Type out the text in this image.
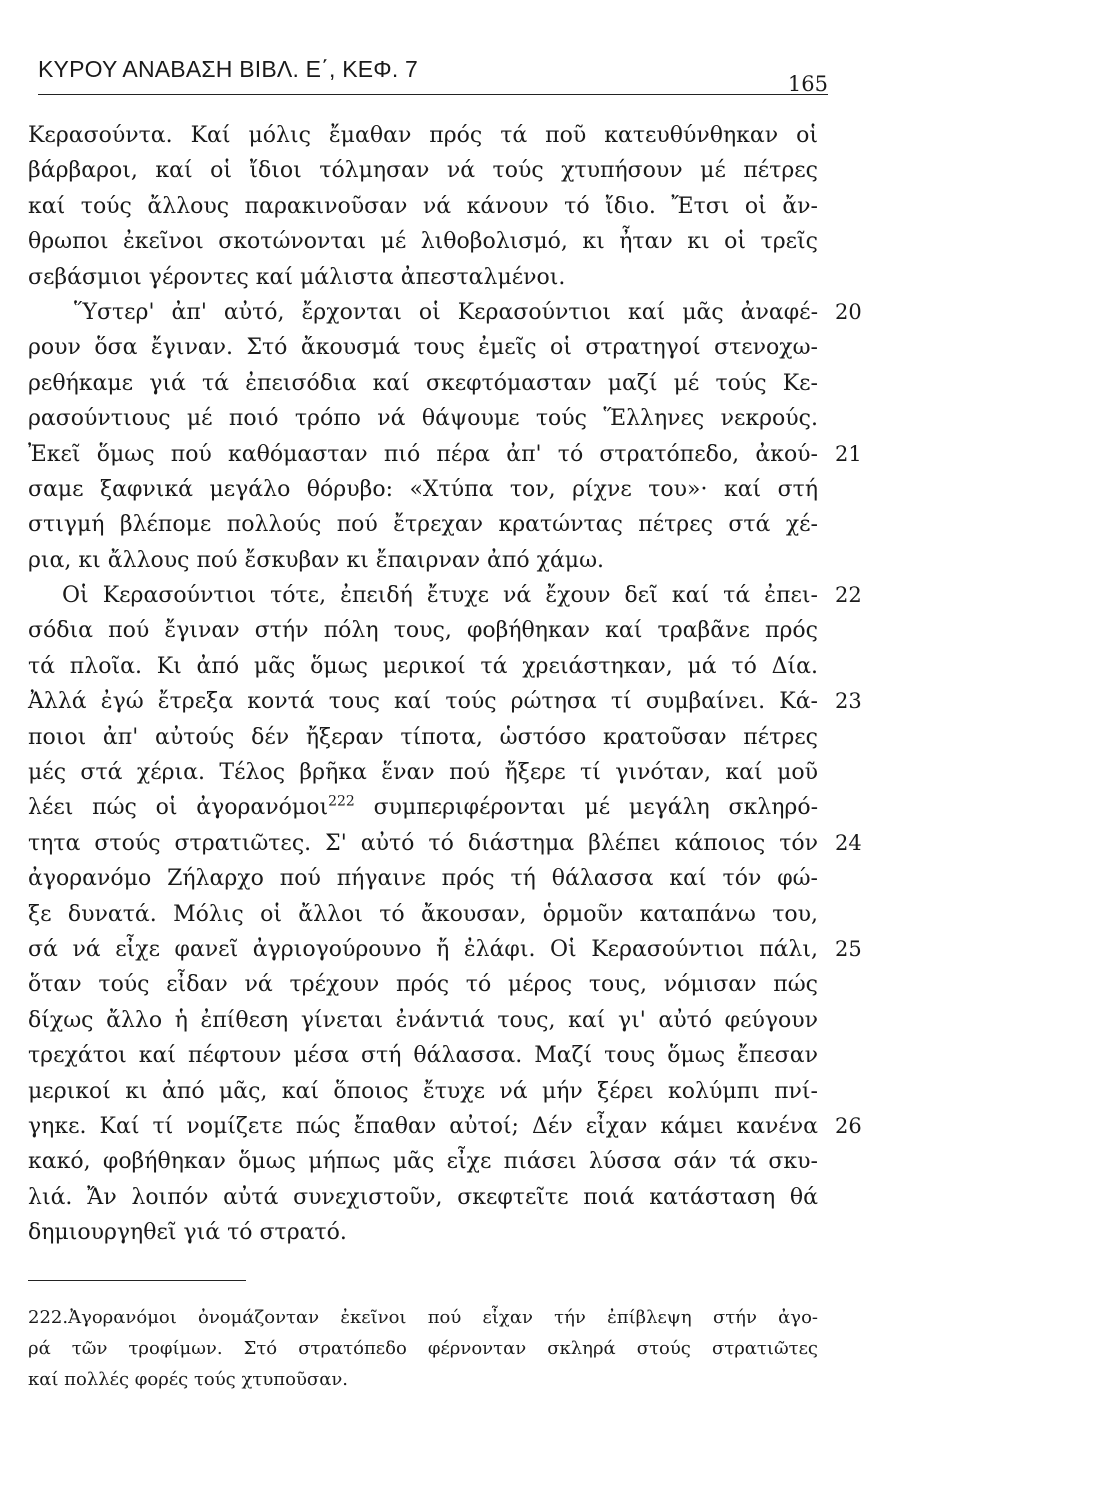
ΚΥΡΟΥ ΑΝΑΒΑΣΗ ΒΙΒΛ. Ε΄, ΚΕΦ. 7
165
Κερασούντα. Καί μόλις ἔμαθαν πρός τά ποῦ κατευθύνθηκαν οἱ
βάρβαροι, καί οἱ ἴδιοι τόλμησαν νά τούς χτυπήσουν μέ πέτρες
καί τούς ἄλλους παρακινοῦσαν νά κάνουν τό ἴδιο. Ἔτσι οἱ ἄν-
θρωποι ἐκεῖνοι σκοτώνονται μέ λιθοβολισμό, κι ἦταν κι οἱ τρεῖς
σεβάσμιοι γέροντες καί μάλιστα ἀπεσταλμένοι.
Ὕστερ' ἀπ' αὐτό, ἔρχονται οἱ Κερασούντιοι καί μᾶς ἀναφέ- 20
ρουν ὅσα ἔγιναν. Στό ἄκουσμά τους ἐμεῖς οἱ στρατηγοί στενοχω-
ρεθήκαμε γιά τά ἐπεισόδια καί σκεφτόμασταν μαζί μέ τούς Κε-
ρασούντιους μέ ποιό τρόπο νά θάψουμε τούς Ἕλληνες νεκρούς.
Ἐκεῖ ὅμως πού καθόμασταν πιό πέρα ἀπ' τό στρατόπεδο, ἀκού- 21
σαμε ξαφνικά μεγάλο θόρυβο: «Χτύπα τον, ρίχνε του»· καί στή
στιγμή βλέπομε πολλούς πού ἔτρεχαν κρατώντας πέτρες στά χέ-
ρια, κι ἄλλους πού ἔσκυβαν κι ἔπαιρναν ἀπό χάμω.
Οἱ Κερασούντιοι τότε, ἐπειδή ἔτυχε νά ἔχουν δεῖ καί τά ἐπει- 22
σόδια πού ἔγιναν στήν πόλη τους, φοβήθηκαν καί τραβᾶνε πρός
τά πλοῖα. Κι ἀπό μᾶς ὅμως μερικοί τά χρειάστηκαν, μά τό Δία.
Ἀλλά ἐγώ ἔτρεξα κοντά τους καί τούς ρώτησα τί συμβαίνει. Κά- 23
ποιοι ἀπ' αὐτούς δέν ἤξεραν τίποτα, ὡστόσο κρατοῦσαν πέτρες
μές στά χέρια. Τέλος βρῆκα ἕναν πού ἤξερε τί γινόταν, καί μοῦ
λέει πώς οἱ ἀγορανόμοι$^{222}$ συμπεριφέρονται μέ μεγάλη σκληρό-
τητα στούς στρατιῶτες. Σ' αὐτό τό διάστημα βλέπει κάποιος τόν 24
ἀγορανόμο Ζήλαρχο πού πήγαινε πρός τή θάλασσα καί τόν φώ-
ξε δυνατά. Μόλις οἱ ἄλλοι τό ἄκουσαν, ὁρμοῦν καταπάνω του,
σά νά εἶχε φανεῖ ἀγριογούρουνο ἤ ἐλάφι. Οἱ Κερασούντιοι πάλι, 25
ὅταν τούς εἶδαν νά τρέχουν πρός τό μέρος τους, νόμισαν πώς
δίχως ἄλλο ἡ ἐπίθεση γίνεται ἐνάντιά τους, καί γι' αὐτό φεύγουν
τρεχάτοι καί πέφτουν μέσα στή θάλασσα. Μαζί τους ὅμως ἔπεσαν
μερικοί κι ἀπό μᾶς, καί ὅποιος ἔτυχε νά μήν ξέρει κολύμπι πνί-
γηκε. Καί τί νομίζετε πώς ἔπαθαν αὐτοί; Δέν εἶχαν κάμει κανένα 26
κακό, φοβήθηκαν ὅμως μήπως μᾶς εἶχε πιάσει λύσσα σάν τά σκυ-
λιά. Ἄν λοιπόν αὐτά συνεχιστοῦν, σκεφτεῖτε ποιά κατάσταση θά
δημιουργηθεῖ γιά τό στρατό.
222.Ἀγορανόμοι ὀνομάζονταν ἐκεῖνοι πού εἶχαν τήν ἐπίβλεψη στήν ἀγο-
ρά τῶν τροφίμων. Στό στρατόπεδο φέρνονταν σκληρά στούς στρατιῶτες
καί πολλές φορές τούς χτυποῦσαν.
